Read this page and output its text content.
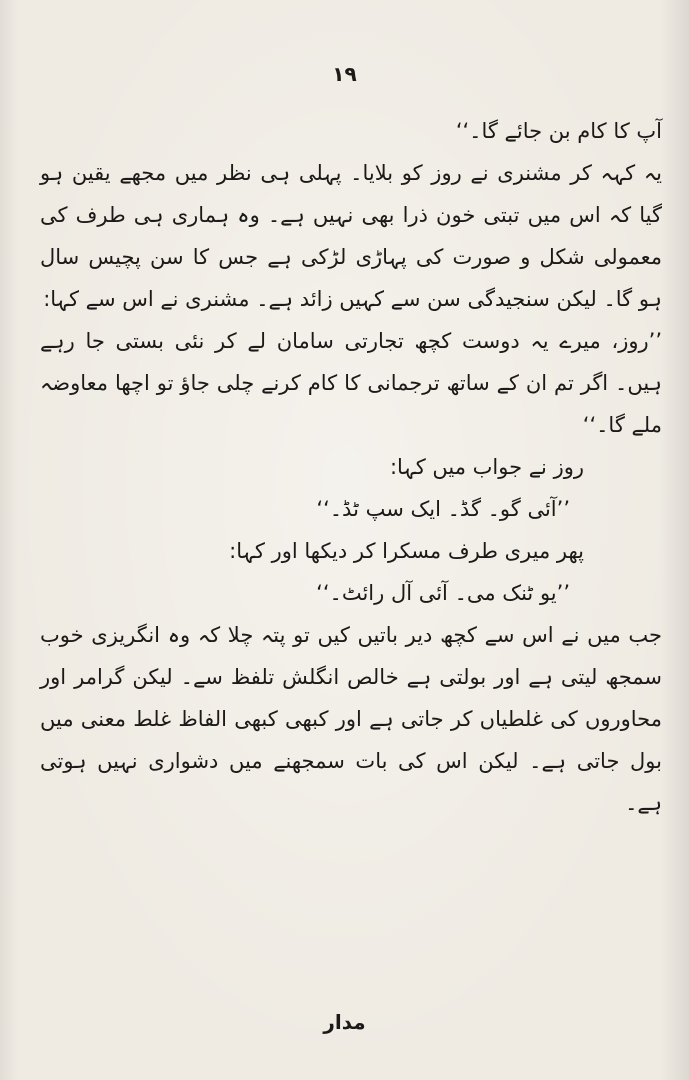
۱۹

آپ کا کام بن جائے گا۔‘‘

یہ کہہ کر مشنری نے روز کو بلایا۔ پہلی ہی نظر میں مجھے یقین ہو گیا کہ اس میں تبتی خون ذرا بھی نہیں ہے۔ وہ ہماری ہی طرف کی معمولی شکل و صورت کی پہاڑی لڑکی ہے جس کا سن پچیس سال ہو گا۔ لیکن سنجیدگی سن سے کہیں زائد ہے۔ مشنری نے اس سے کہا:

’’روز، میرے یہ دوست کچھ تجارتی سامان لے کر نئی بستی جا رہے ہیں۔ اگر تم ان کے ساتھ ترجمانی کا کام کرنے چلی جاؤ تو اچھا معاوضہ ملے گا۔‘‘

روز نے جواب میں کہا:

’’آئی گو۔ گڈ۔ ایک سپ ٹڈ۔‘‘

پھر میری طرف مسکرا کر دیکھا اور کہا:

’’یو ٹنک می۔ آئی آل رائٹ۔‘‘

جب میں نے اس سے کچھ دیر باتیں کیں تو پتہ چلا کہ وہ انگریزی خوب سمجھ لیتی ہے اور بولتی ہے خالص انگلش تلفظ سے۔ لیکن گرامر اور محاوروں کی غلطیاں کر جاتی ہے اور کبھی کبھی الفاظ غلط معنی میں بول جاتی ہے۔ لیکن اس کی بات سمجھنے میں دشواری نہیں ہوتی ہے۔

مدار
